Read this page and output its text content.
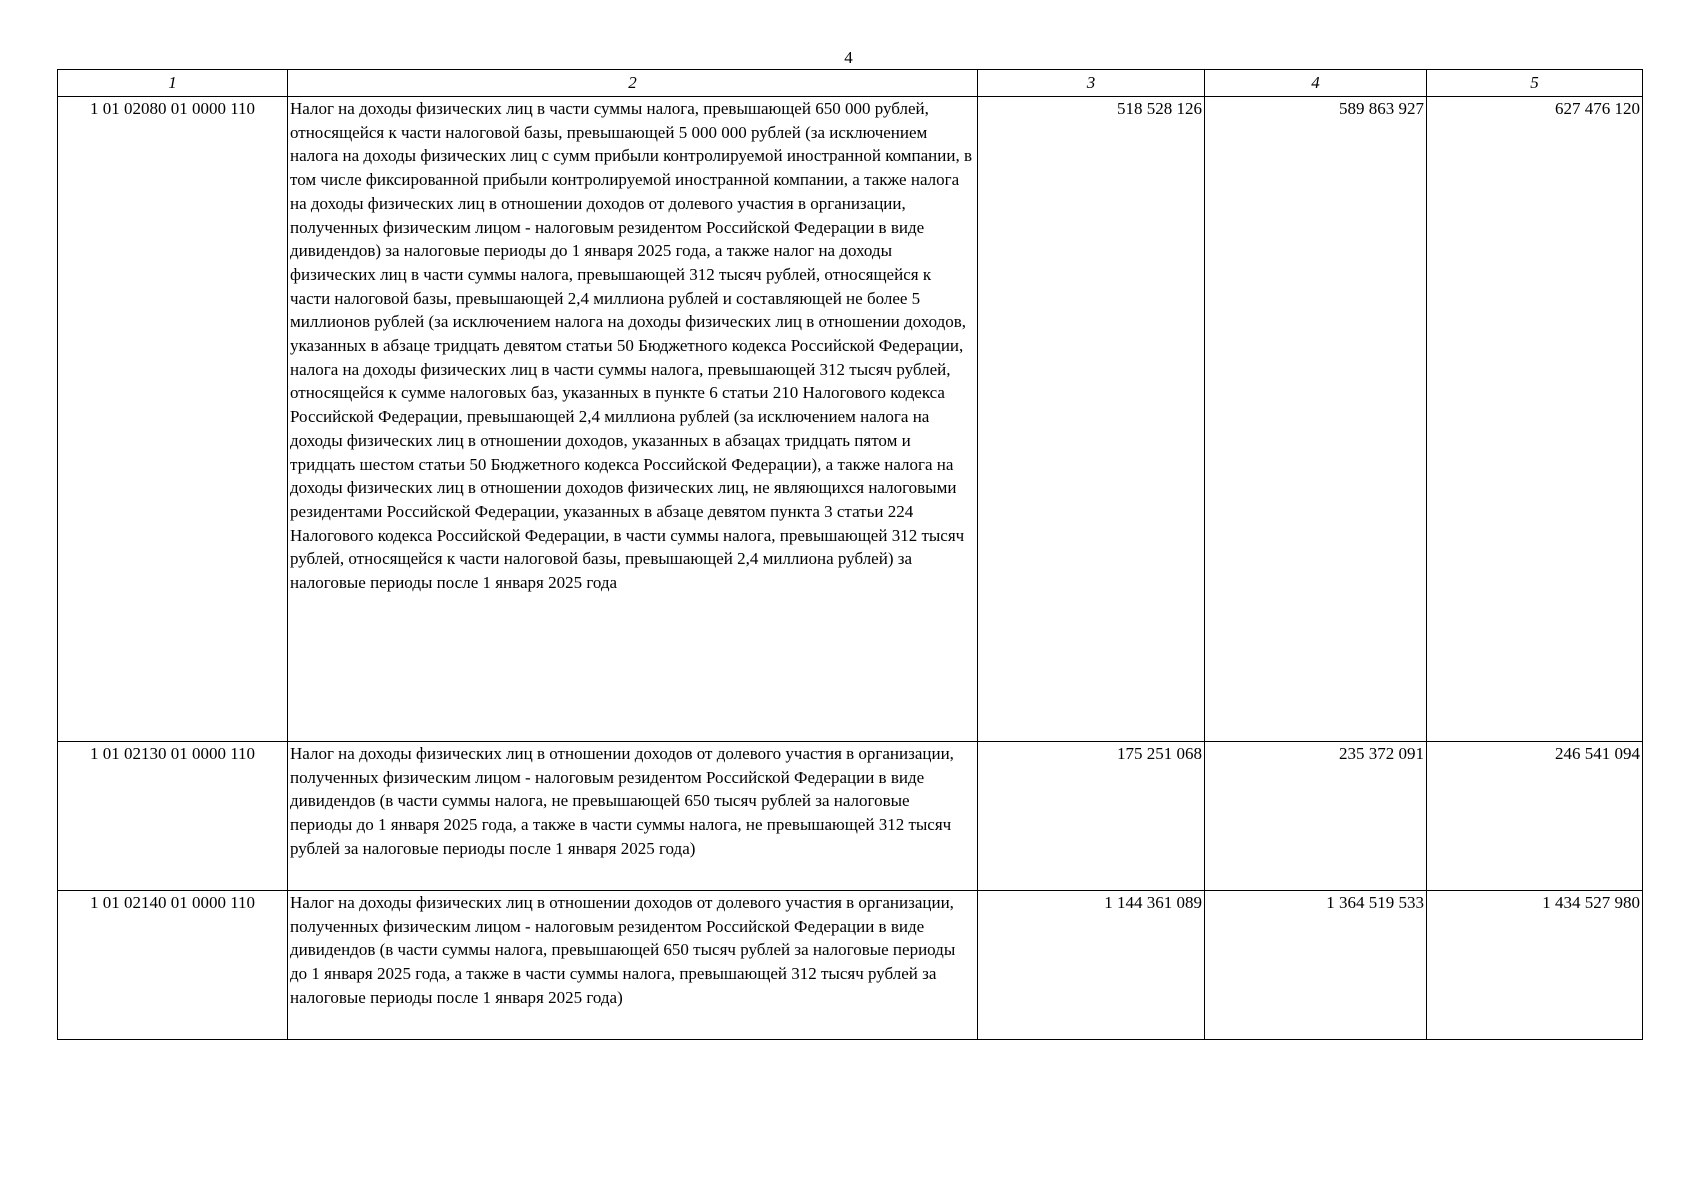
4
1	2	3	4	5
1 01 02080 01 0000 110	Налог на доходы физических лиц в части суммы налога, превышающей 650 000 рублей, относящейся к части налоговой базы, превышающей 5 000 000 рублей (за исключением налога на доходы физических лиц с сумм прибыли контролируемой иностранной компании, в том числе фиксированной прибыли контролируемой иностранной компании, а также налога на доходы физических лиц в отношении доходов от долевого участия в организации, полученных физическим лицом - налоговым резидентом Российской Федерации в виде дивидендов) за налоговые периоды до 1 января 2025 года, а также налог на доходы физических лиц в части суммы налога, превышающей 312 тысяч рублей, относящейся к части налоговой базы, превышающей 2,4 миллиона рублей и составляющей не более 5 миллионов рублей (за исключением налога на доходы физических лиц в отношении доходов, указанных в абзаце тридцать девятом статьи 50 Бюджетного кодекса Российской Федерации, налога на доходы физических лиц в части суммы налога, превышающей 312 тысяч рублей, относящейся к сумме налоговых баз, указанных в пункте 6 статьи 210 Налогового кодекса Российской Федерации, превышающей 2,4 миллиона рублей (за исключением налога на доходы физических лиц в отношении доходов, указанных в абзацах тридцать пятом и тридцать шестом статьи 50 Бюджетного кодекса Российской Федерации), а также налога на доходы физических лиц в отношении доходов физических лиц, не являющихся налоговыми резидентами Российской Федерации, указанных в абзаце девятом пункта 3 статьи 224 Налогового кодекса Российской Федерации, в части суммы налога, превышающей 312 тысяч рублей, относящейся к части налоговой базы, превышающей 2,4 миллиона рублей) за налоговые периоды после 1 января 2025 года	518 528 126	589 863 927	627 476 120
1 01 02130 01 0000 110	Налог на доходы физических лиц в отношении доходов от долевого участия в организации, полученных физическим лицом - налоговым резидентом Российской Федерации в виде дивидендов (в части суммы налога, не превышающей 650 тысяч рублей за налоговые периоды до 1 января 2025 года, а также в части суммы налога, не превышающей 312 тысяч рублей за налоговые периоды после 1 января 2025 года)	175 251 068	235 372 091	246 541 094
1 01 02140 01 0000 110	Налог на доходы физических лиц в отношении доходов от долевого участия в организации, полученных физическим лицом - налоговым резидентом Российской Федерации в виде дивидендов (в части суммы налога, превышающей 650 тысяч рублей за налоговые периоды до 1 января 2025 года, а также в части суммы налога, превышающей 312 тысяч рублей за налоговые периоды после 1 января 2025 года)	1 144 361 089	1 364 519 533	1 434 527 980
